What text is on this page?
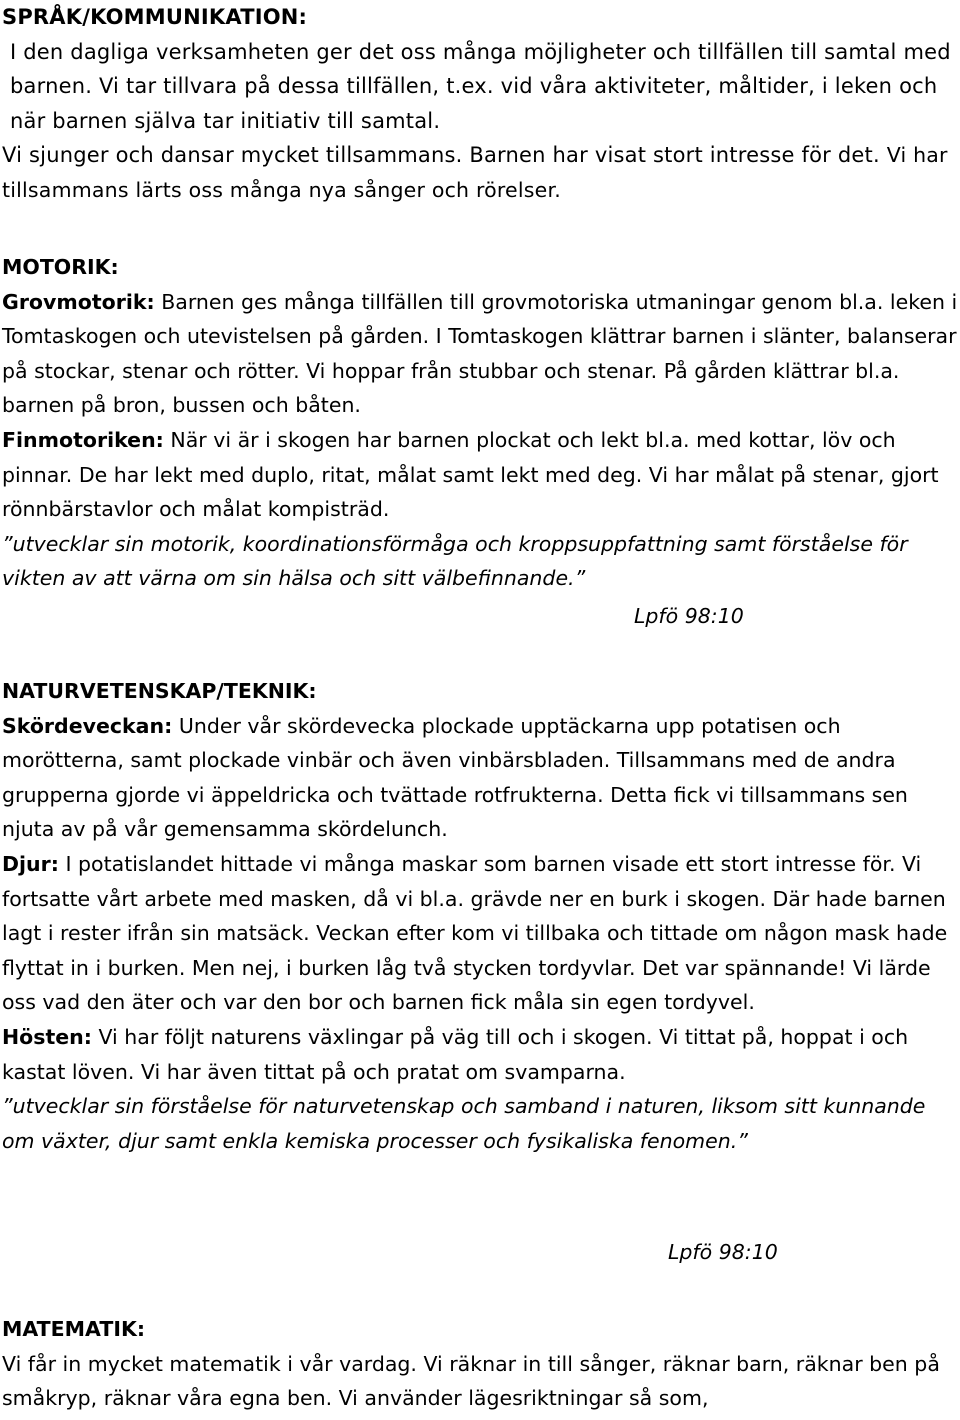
SPRÅK/KOMMUNIKATION:
I den dagliga verksamheten ger det oss många möjligheter och tillfällen till samtal med barnen. Vi tar tillvara på dessa tillfällen, t.ex. vid våra aktiviteter, måltider, i leken och när barnen själva tar initiativ till samtal.
Vi sjunger och dansar mycket tillsammans. Barnen har visat stort intresse för det. Vi har tillsammans lärts oss många nya sånger och rörelser.
MOTORIK:
Grovmotorik: Barnen ges många tillfällen till grovmotoriska utmaningar genom bl.a. leken i Tomtaskogen och utevistelsen på gården. I Tomtaskogen klättrar barnen i slänter, balanserar på stockar, stenar och rötter. Vi hoppar från stubbar och stenar. På gården klättrar bl.a. barnen på bron, bussen och båten.
Finmotoriken: När vi är i skogen har barnen plockat och lekt bl.a. med kottar, löv och pinnar. De har lekt med duplo, ritat, målat samt lekt med deg. Vi har målat på stenar, gjort rönnbärstavlor och målat kompisträd.
”utvecklar sin motorik, koordinationsförmåga och kroppsuppfattning samt förståelse för vikten av att värna om sin hälsa och sitt välbefinnande.”
Lpfö 98:10
NATURVETENSKAP/TEKNIK:
Skördeveckan: Under vår skördevecka plockade upptäckarna upp potatisen och morötterna, samt plockade vinbär och även vinbärsbladen. Tillsammans med de andra grupperna gjorde vi äppeldricka och tvättade rotfrukterna. Detta fick vi tillsammans sen njuta av på vår gemensamma skördelunch.
Djur: I potatislandet hittade vi många maskar som barnen visade ett stort intresse för. Vi fortsatte vårt arbete med masken, då vi bl.a. grävde ner en burk i skogen. Där hade barnen lagt i rester ifrån sin matsäck. Veckan efter kom vi tillbaka och tittade om någon mask hade flyttat in i burken. Men nej, i burken låg två stycken tordyvlar. Det var spännande! Vi lärde oss vad den äter och var den bor och barnen fick måla sin egen tordyvel.
Hösten: Vi har följt naturens växlingar på väg till och i skogen. Vi tittat på, hoppat i och kastat löven. Vi har även tittat på och pratat om svamparna.
”utvecklar sin förståelse för naturvetenskap och samband i naturen, liksom sitt kunnande om växter, djur samt enkla kemiska processer och fysikaliska fenomen.”
Lpfö 98:10
MATEMATIK:
Vi får in mycket matematik i vår vardag. Vi räknar in till sånger, räknar barn, räknar ben på småkryp, räknar våra egna ben. Vi använder lägesriktningar så som,
